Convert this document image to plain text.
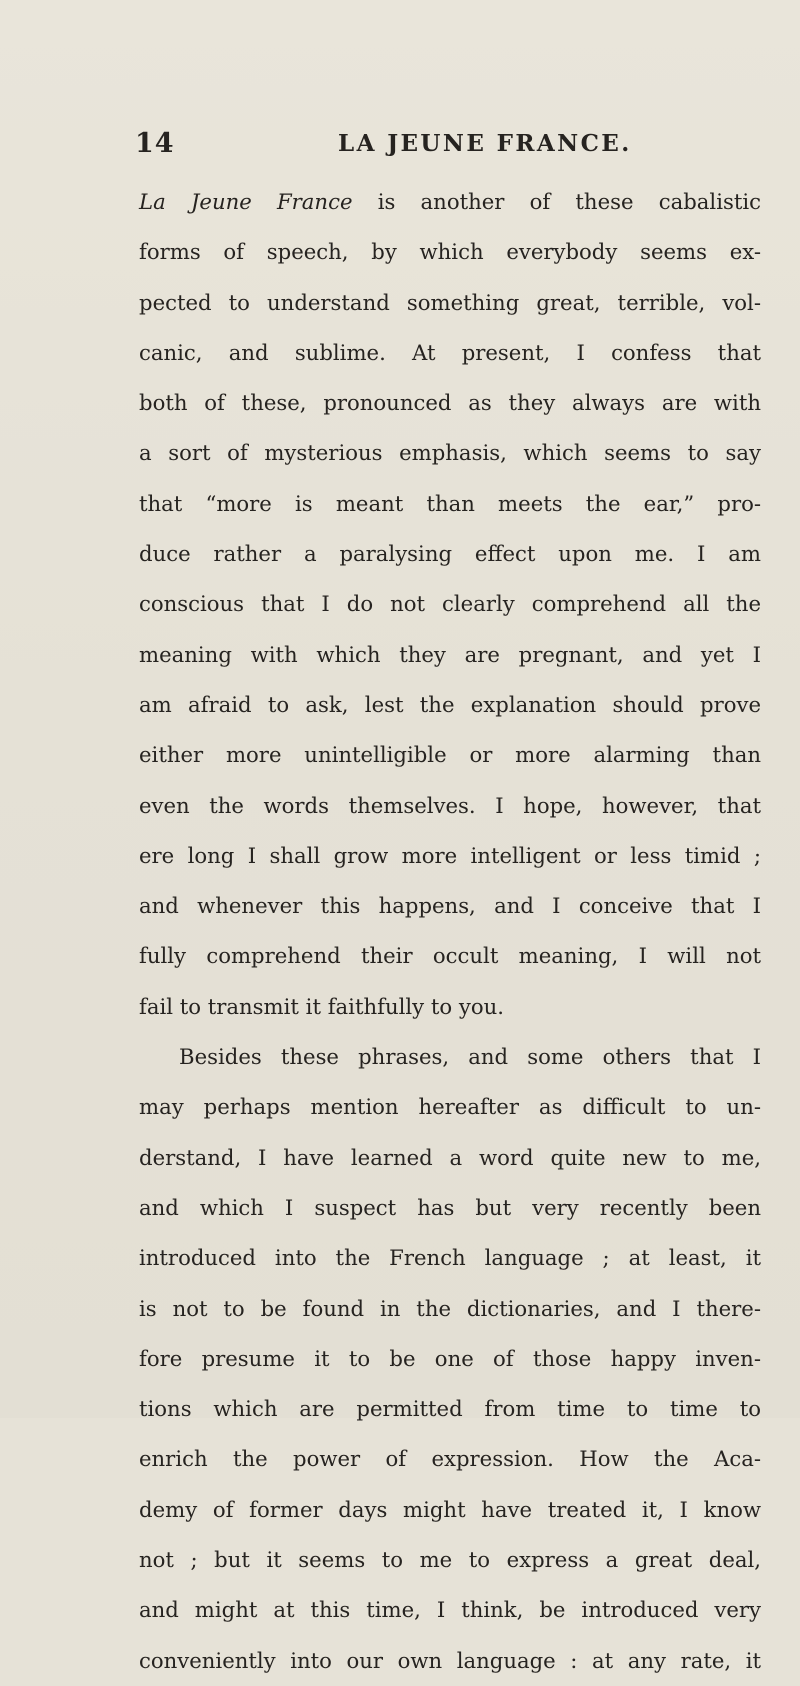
14	LA JEUNE FRANCE.
La Jeune France is another of these cabalistic
forms of speech, by which everybody seems ex-
pected to understand something great, terrible, vol-
canic, and sublime. At present, I confess that
both of these, pronounced as they always are with
a sort of mysterious emphasis, which seems to say
that “more is meant than meets the ear,” pro-
duce rather a paralysing effect upon me. I am
conscious that I do not clearly comprehend all the
meaning with which they are pregnant, and yet I
am afraid to ask, lest the explanation should prove
either more unintelligible or more alarming than
even the words themselves. I hope, however, that
ere long I shall grow more intelligent or less timid ;
and whenever this happens, and I conceive that I
fully comprehend their occult meaning, I will not
fail to transmit it faithfully to you.
Besides these phrases, and some others that I
may perhaps mention hereafter as difficult to un-
derstand, I have learned a word quite new to me,
and which I suspect has but very recently been
introduced into the French language ; at least, it
is not to be found in the dictionaries, and I there-
fore presume it to be one of those happy inven-
tions which are permitted from time to time to
enrich the power of expression. How the Aca-
demy of former days might have treated it, I know
not ; but it seems to me to express a great deal,
and might at this time, I think, be introduced very
conveniently into our own language : at any rate, it
